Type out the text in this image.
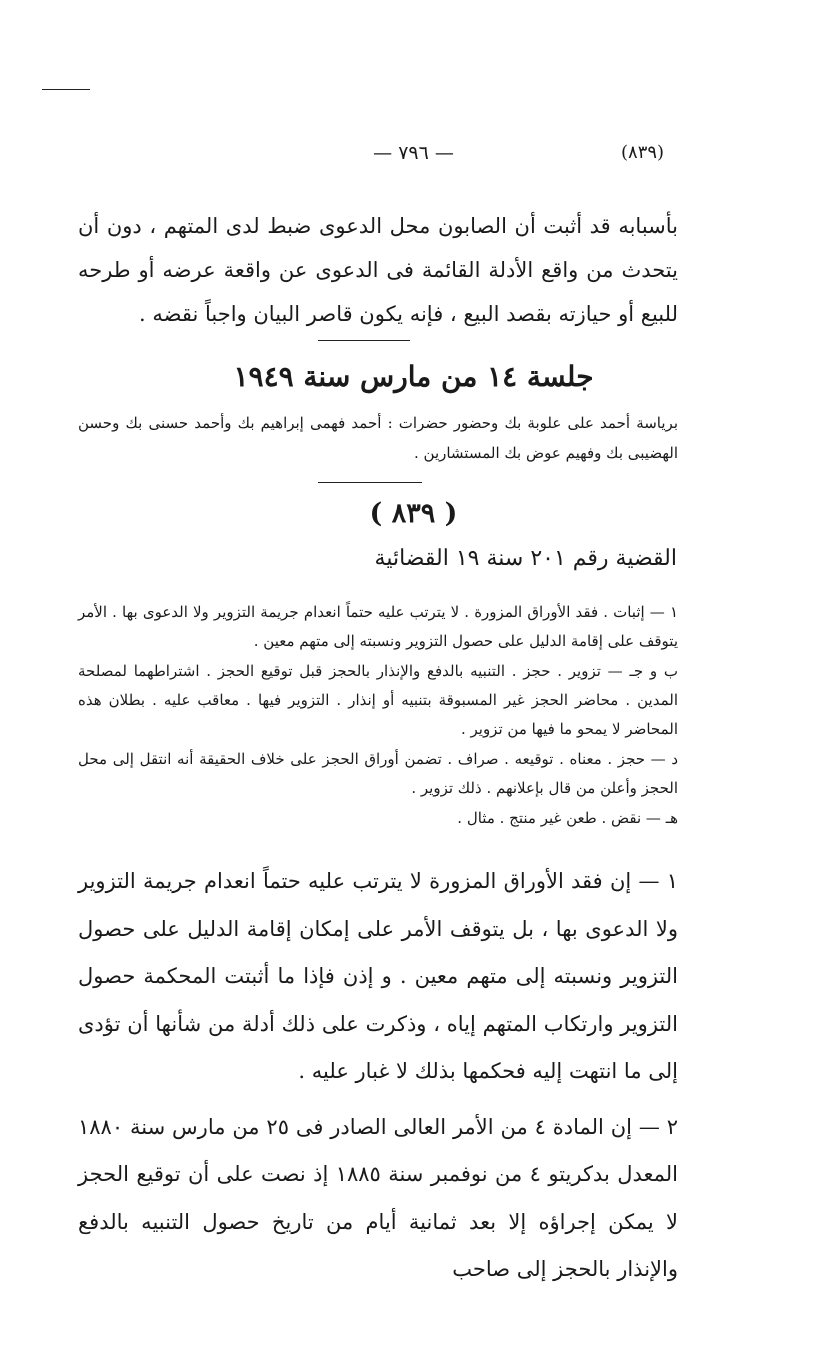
— ٧٩٦ —	(٨٣٩)
بأسبابه قد أثبت أن الصابون محل الدعوى ضبط لدى المتهم ، دون أن يتحدث من واقع الأدلة القائمة فى الدعوى عن واقعة عرضه أو طرحه للبيع أو حيازته بقصد البيع ، فإنه يكون قاصر البيان واجباً نقضه .
جلسة ١٤ من مارس سنة ١٩٤٩
برياسة أحمد على علوبة بك وحضور حضرات : أحمد فهمى إبراهيم بك وأحمد حسنى بك وحسن الهضيبى بك وفهيم عوض بك المستشارين .
( ٨٣٩ )
القضية رقم ٢٠١ سنة ١٩ القضائية

١ — إثبات . فقد الأوراق المزورة . لا يترتب عليه حتماً انعدام جريمة التزوير ولا الدعوى بها . الأمر يتوقف على إقامة الدليل على حصول التزوير ونسبته إلى متهم معين .

ب و جـ — تزوير . حجز . التنبيه بالدفع والإنذار بالحجز قبل توقيع الحجز . اشتراطهما لمصلحة المدين . محاضر الحجز غير المسبوقة بتنبيه أو إنذار . التزوير فيها . معاقب عليه . بطلان هذه المحاضر لا يمحو ما فيها من تزوير .

د — حجز . معناه . توقيعه . صراف . تضمن أوراق الحجز على خلاف الحقيقة أنه انتقل إلى محل الحجز وأعلن من قال بإعلانهم . ذلك تزوير .

هـ — نقض . طعن غير منتج . مثال .

١ — إن فقد الأوراق المزورة لا يترتب عليه حتماً انعدام جريمة التزوير ولا الدعوى بها ، بل يتوقف الأمر على إمكان إقامة الدليل على حصول التزوير ونسبته إلى متهم معين . و إذن فإذا ما أثبتت المحكمة حصول التزوير وارتكاب المتهم إياه ، وذكرت على ذلك أدلة من شأنها أن تؤدى إلى ما انتهت إليه فحكمها بذلك لا غبار عليه .

٢ — إن المادة ٤ من الأمر العالى الصادر فى ٢٥ من مارس سنة ١٨٨٠ المعدل بدكريتو ٤ من نوفمبر سنة ١٨٨٥ إذ نصت على أن توقيع الحجز لا يمكن إجراؤه إلا بعد ثمانية أيام من تاريخ حصول التنبيه بالدفع والإنذار بالحجز إلى صاحب
